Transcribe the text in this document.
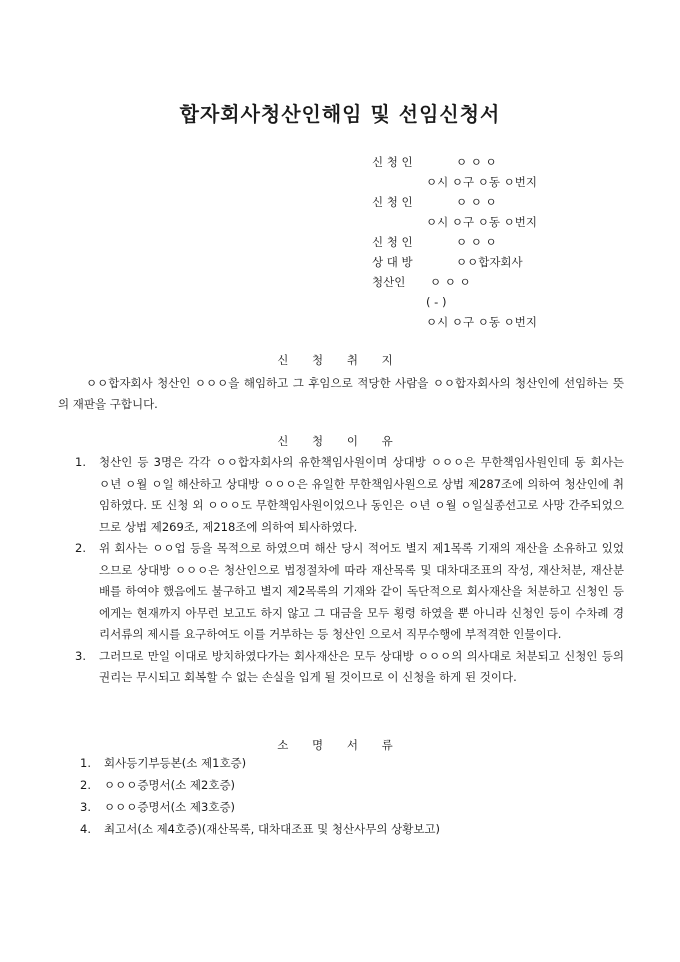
합자회사청산인해임 및 선임신청서
신 청 인	ㅇ ㅇ ㅇ
ㅇ시 ㅇ구 ㅇ동 ㅇ번지
신 청 인	ㅇ ㅇ ㅇ
ㅇ시 ㅇ구 ㅇ동 ㅇ번지
신 청 인	ㅇ ㅇ ㅇ
상 대 방	ㅇㅇ합자회사
청산인 ㅇ ㅇ ㅇ
( - )
ㅇ시 ㅇ구 ㅇ동 ㅇ번지
신 청 취 지
ㅇㅇ합자회사 청산인 ㅇㅇㅇ을 해임하고 그 후임으로 적당한 사람을 ㅇㅇ합자회사의 청산인에 선임하는 뜻의 재판을 구합니다.
신 청 이 유
1. 청산인 등 3명은 각각 ㅇㅇ합자회사의 유한책임사원이며 상대방 ㅇㅇㅇ은 무한책임사원인데 동 회사는 ㅇ년 ㅇ월 ㅇ일 해산하고 상대방 ㅇㅇㅇ은 유일한 무한책임사원으로 상법 제287조에 의하여 청산인에 취임하였다. 또 신청 외 ㅇㅇㅇ도 무한책임사원이었으나 동인은 ㅇ년 ㅇ월 ㅇ일실종선고로 사망 간주되었으므로 상법 제269조, 제218조에 의하여 퇴사하였다.
2. 위 회사는 ㅇㅇ업 등을 목적으로 하였으며 해산 당시 적어도 별지 제1목록 기재의 재산을 소유하고 있었으므로 상대방 ㅇㅇㅇ은 청산인으로 법정절차에 따라 재산목록 및 대차대조표의 작성, 재산처분, 재산분배를 하여야 했음에도 불구하고 별지 제2목록의 기재와 같이 독단적으로 회사재산을 처분하고 신청인 등에게는 현재까지 아무런 보고도 하지 않고 그 대금을 모두 횡령 하였을 뿐 아니라 신청인 등이 수차례 경리서류의 제시를 요구하여도 이를 거부하는 등 청산인 으로서 직무수행에 부적격한 인물이다.
3. 그러므로 만일 이대로 방치하였다가는 회사재산은 모두 상대방 ㅇㅇㅇ의 의사대로 처분되고 신청인 등의 권리는 무시되고 회복할 수 없는 손실을 입게 될 것이므로 이 신청을 하게 된 것이다.
소 명 서 류
1. 회사등기부등본(소 제1호증)
2. ㅇㅇㅇ증명서(소 제2호증)
3. ㅇㅇㅇ증명서(소 제3호증)
4. 최고서(소 제4호증)(재산목록, 대차대조표 및 청산사무의 상황보고)
